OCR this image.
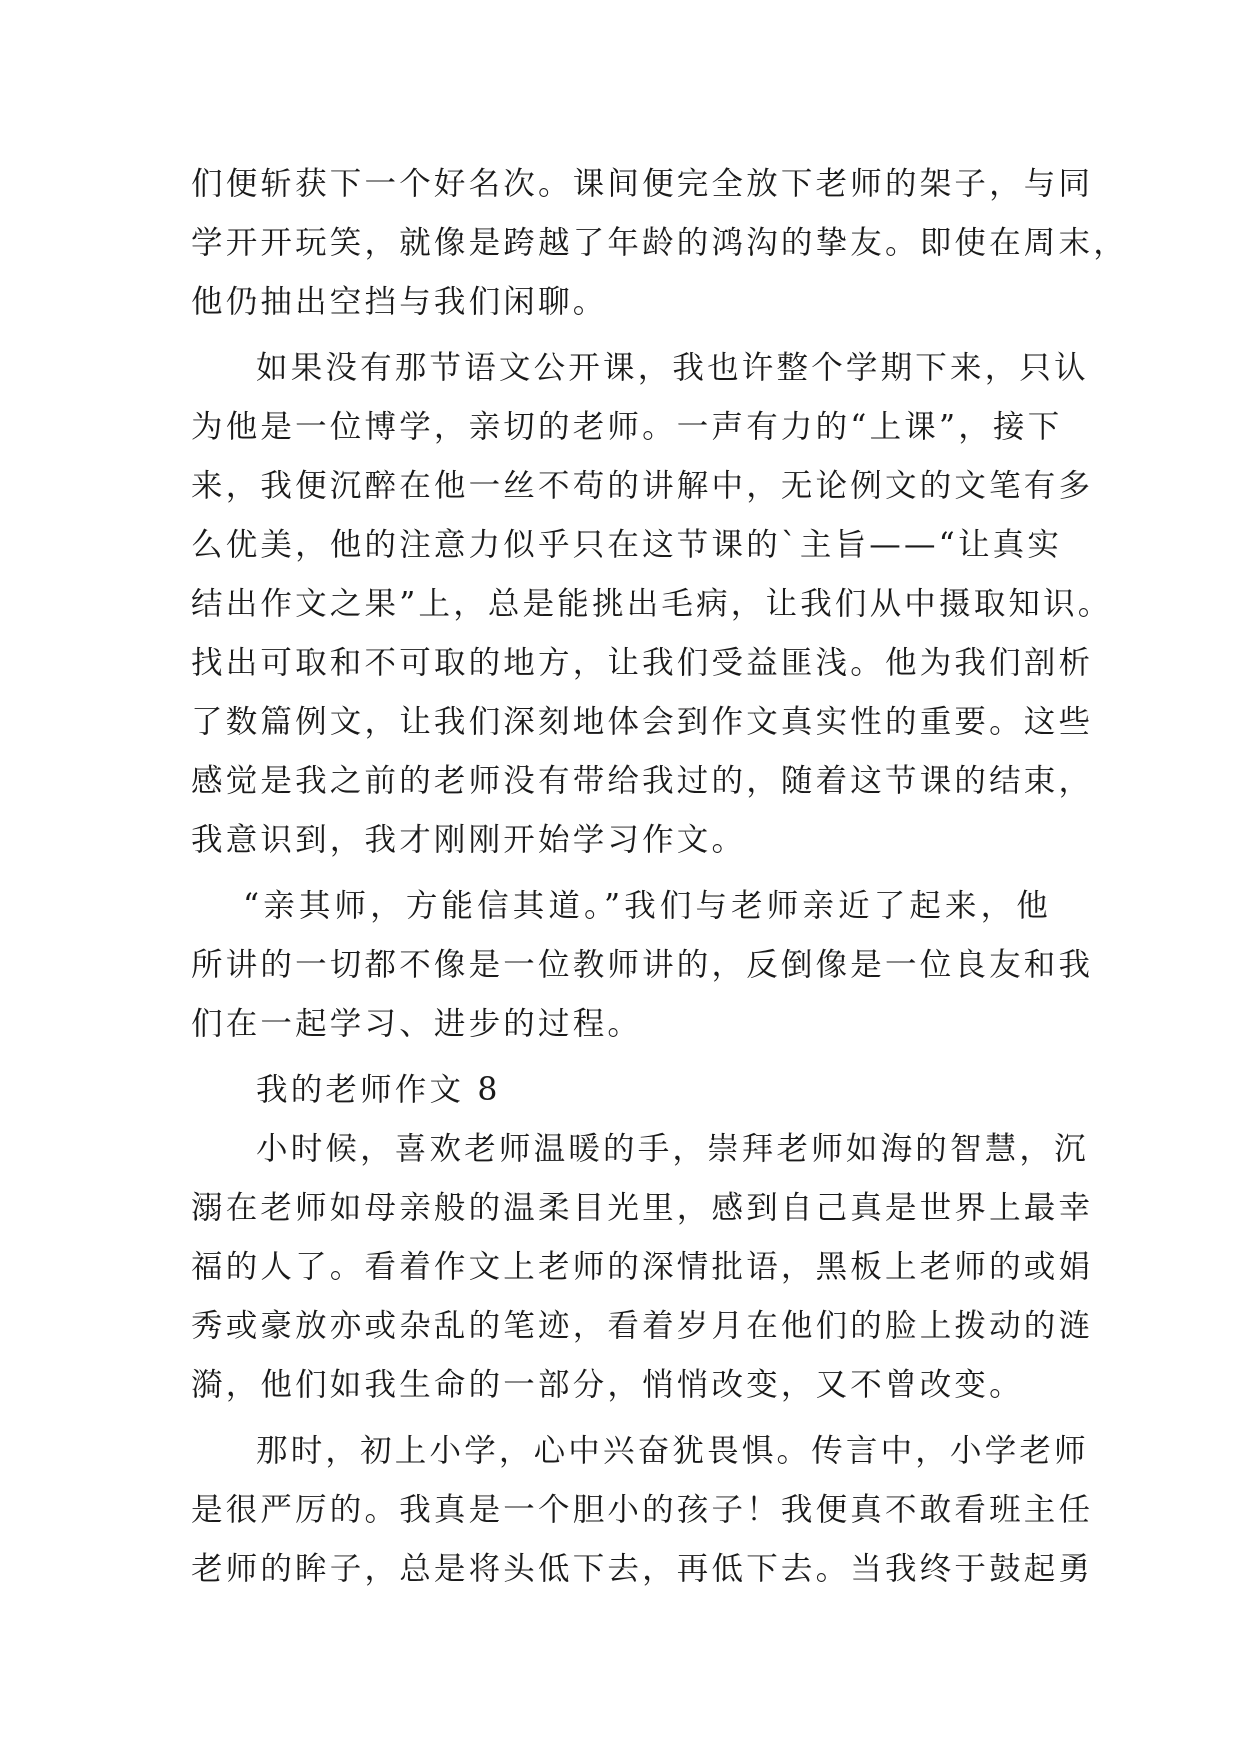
们便斩获下一个好名次。课间便完全放下老师的架子，与同
学开开玩笑，就像是跨越了年龄的鸿沟的挚友。即使在周末，
他仍抽出空挡与我们闲聊。
如果没有那节语文公开课，我也许整个学期下来，只认
为他是一位博学，亲切的老师。一声有力的“上课”，接下
来，我便沉醉在他一丝不苟的讲解中，无论例文的文笔有多
么优美，他的注意力似乎只在这节课的`主旨——“让真实
结出作文之果”上，总是能挑出毛病，让我们从中摄取知识。
找出可取和不可取的地方，让我们受益匪浅。他为我们剖析
了数篇例文，让我们深刻地体会到作文真实性的重要。这些
感觉是我之前的老师没有带给我过的，随着这节课的结束，
我意识到，我才刚刚开始学习作文。
“亲其师，方能信其道。”我们与老师亲近了起来，他
所讲的一切都不像是一位教师讲的，反倒像是一位良友和我
们在一起学习、进步的过程。
我的老师作文 8
小时候，喜欢老师温暖的手，崇拜老师如海的智慧，沉
溺在老师如母亲般的温柔目光里，感到自己真是世界上最幸
福的人了。看着作文上老师的深情批语，黑板上老师的或娟
秀或豪放亦或杂乱的笔迹，看着岁月在他们的脸上拨动的涟
漪，他们如我生命的一部分，悄悄改变，又不曾改变。
那时，初上小学，心中兴奋犹畏惧。传言中，小学老师
是很严厉的。我真是一个胆小的孩子！我便真不敢看班主任
老师的眸子，总是将头低下去，再低下去。当我终于鼓起勇
